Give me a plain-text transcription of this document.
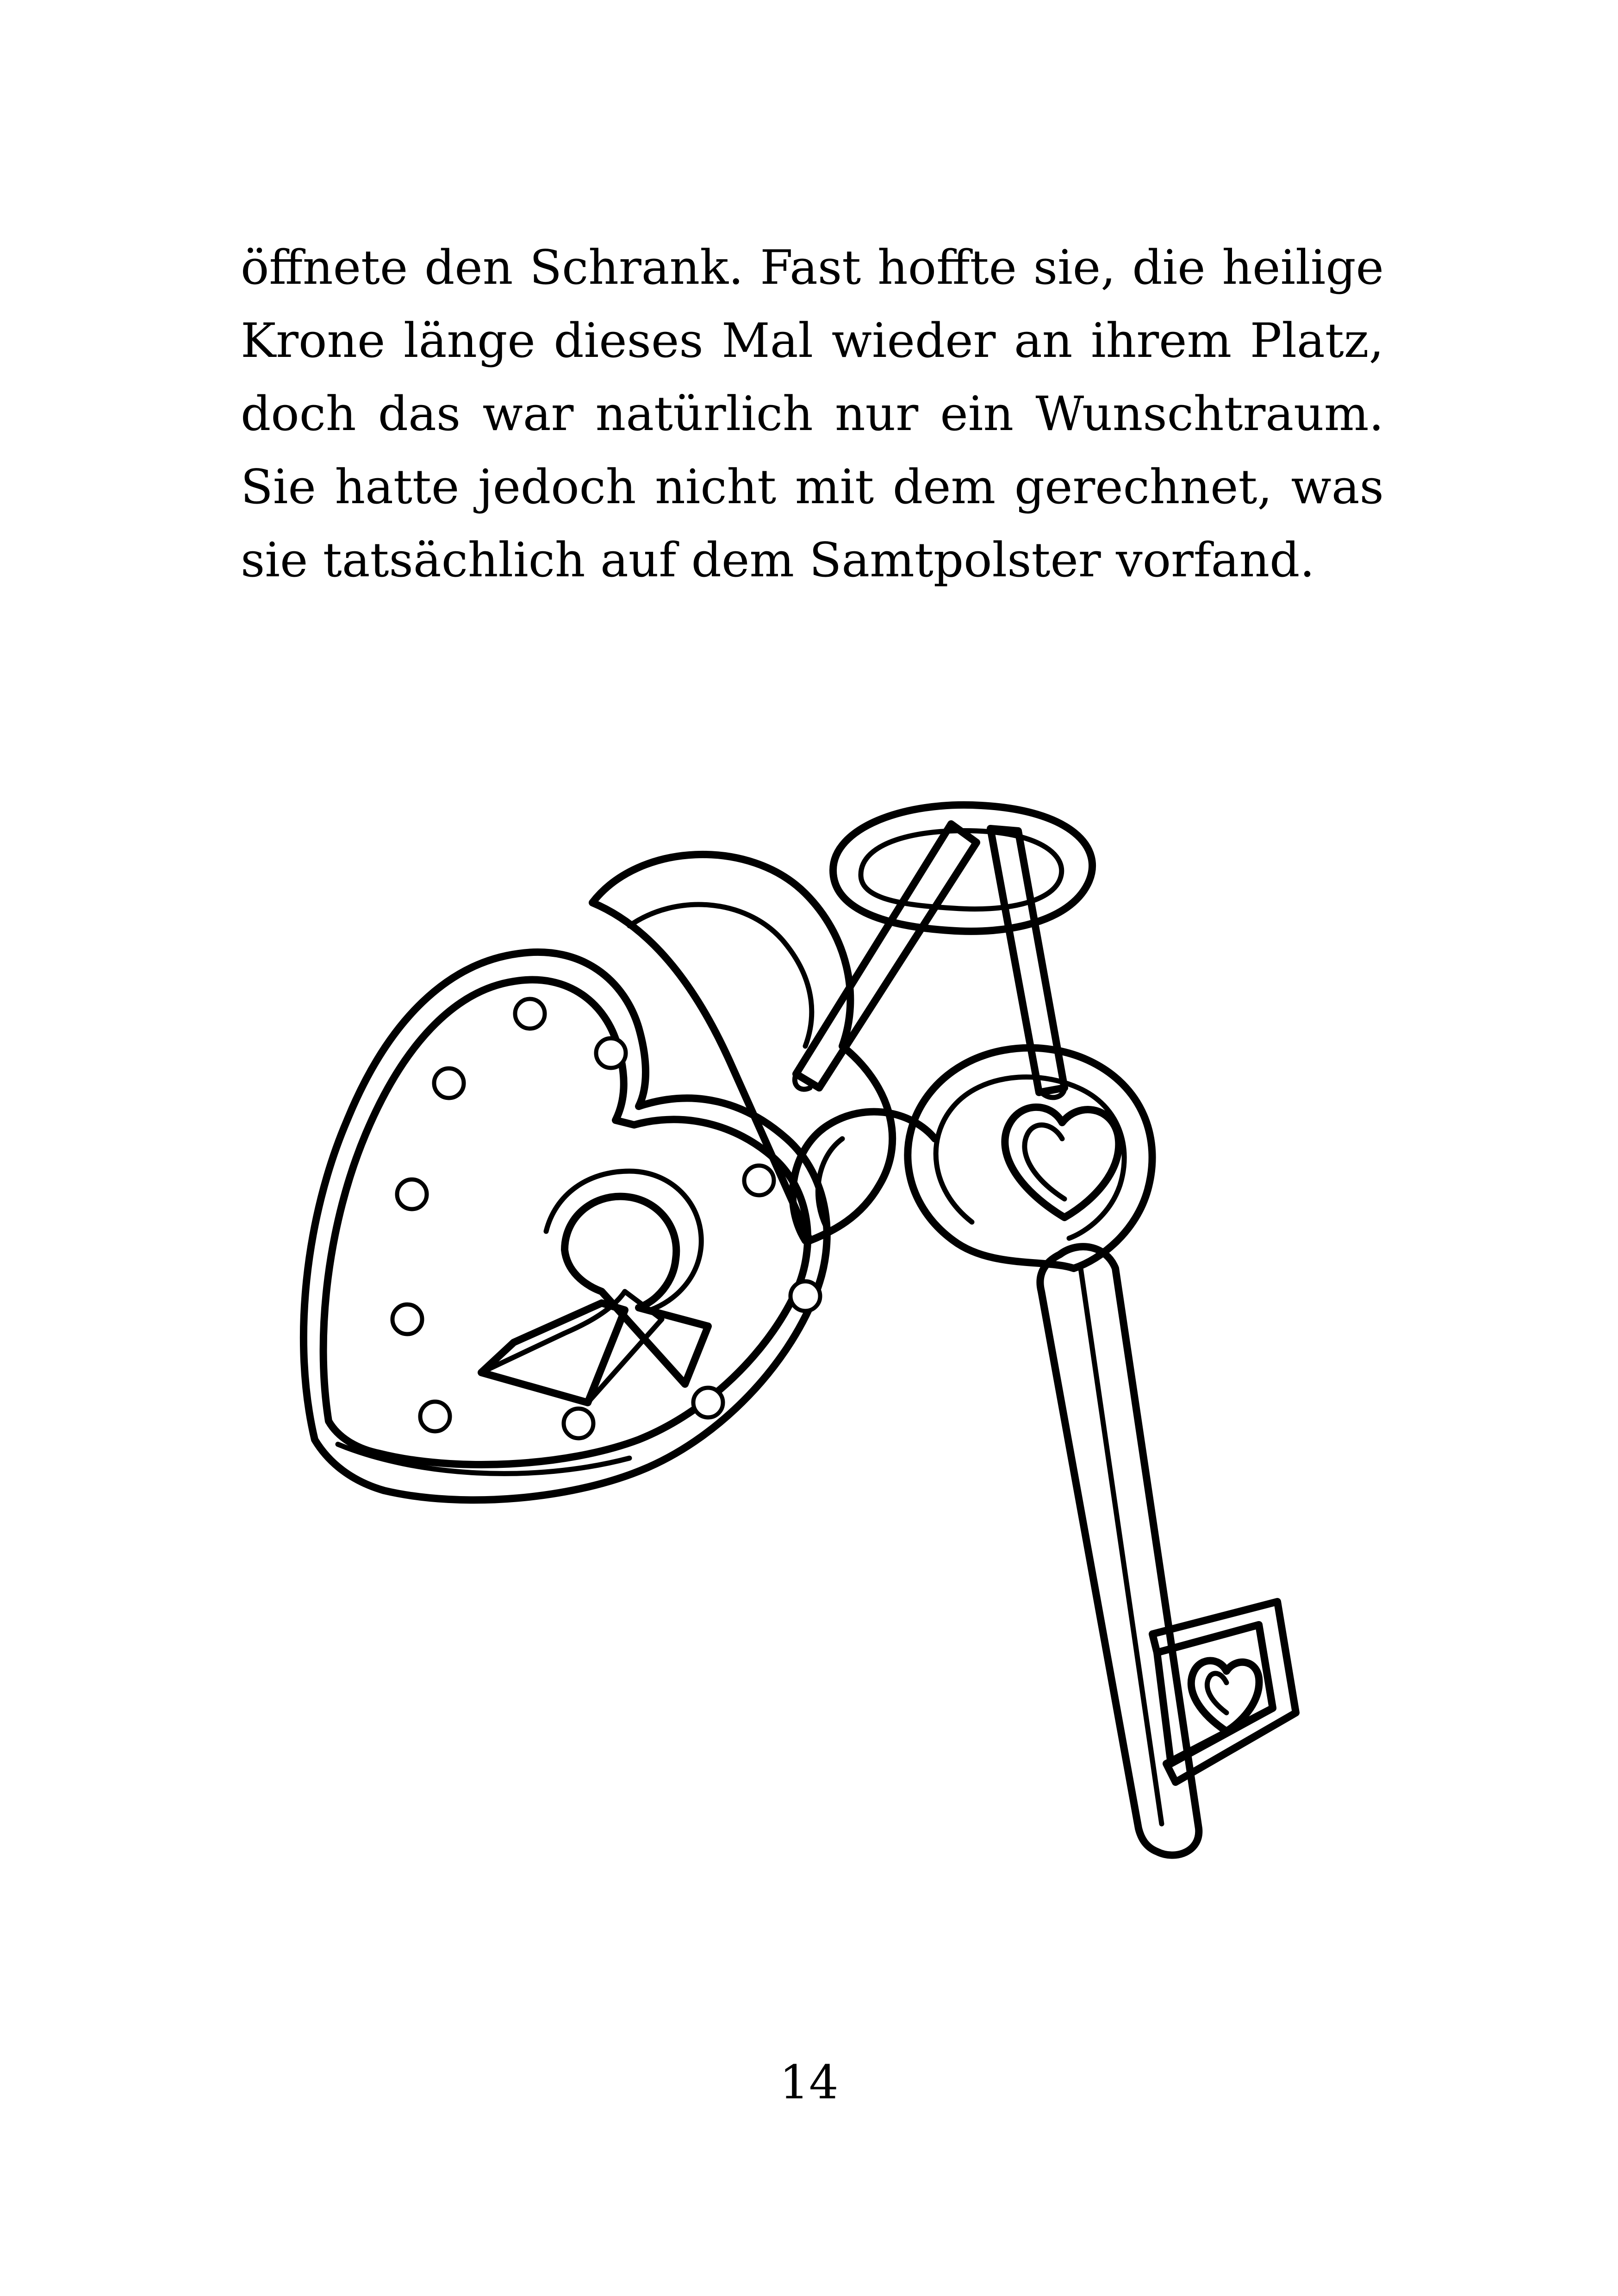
öffnete den Schrank. Fast hoffte sie, die heilige Krone länge dieses Mal wieder an ihrem Platz, doch das war natürlich nur ein Wunschtraum. Sie hatte jedoch nicht mit dem gerechnet, was sie tatsächlich auf dem Samtpolster vorfand.

14
